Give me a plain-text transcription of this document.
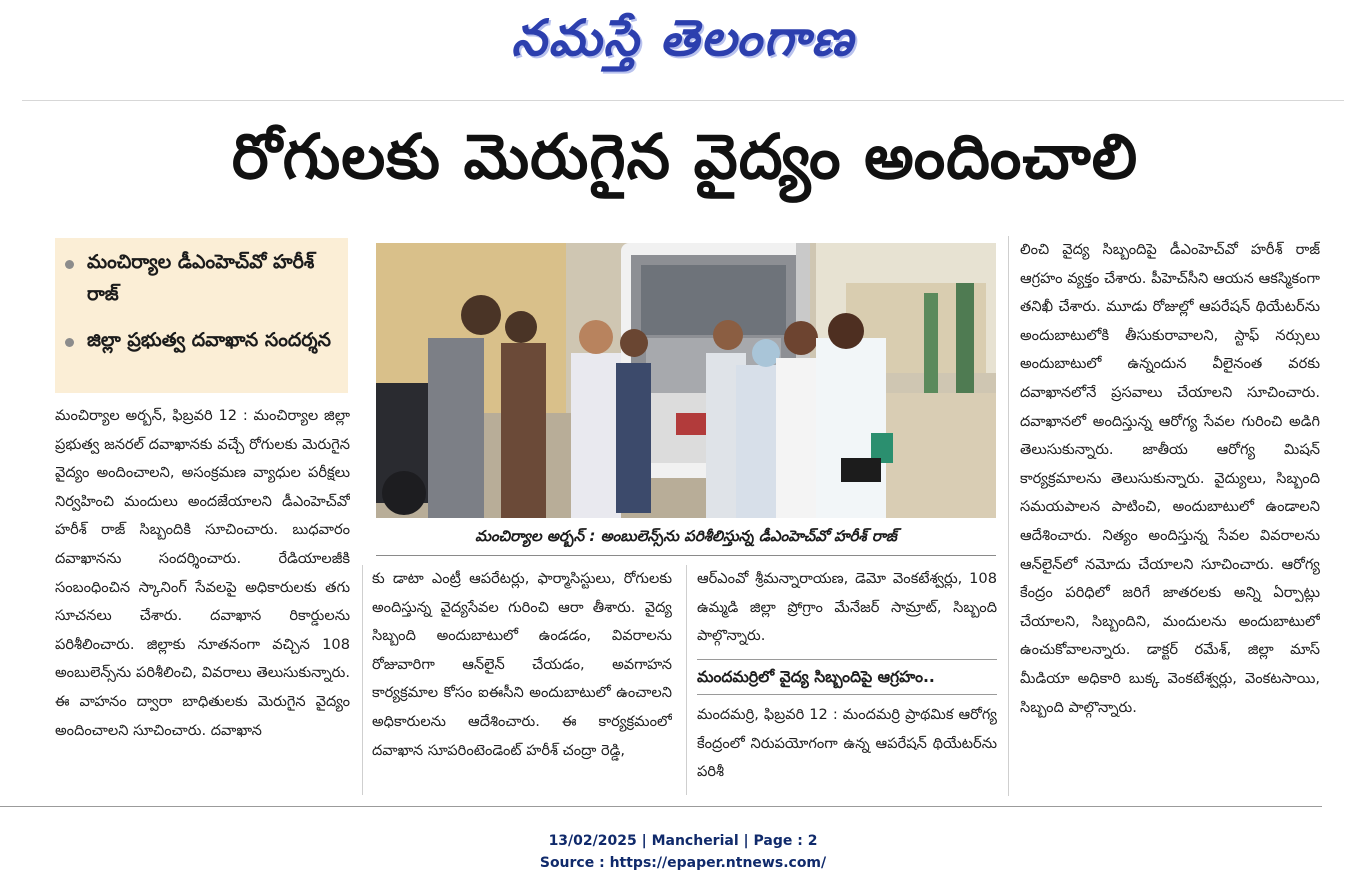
నమస్తే తెలంగాణ
రోగులకు మెరుగైన వైద్యం అందించాలి
మంచిర్యాల డీఎంహెచ్‌వో హరీశ్ రాజ్
జిల్లా ప్రభుత్వ దవాఖాన సందర్శన
మంచిర్యాల అర్బన్, ఫిబ్రవరి 12 : మంచిర్యాల జిల్లా ప్రభుత్వ జనరల్ దవాఖానకు వచ్చే రోగులకు మెరుగైన వైద్యం అందించాలని, అసంక్రమణ వ్యాధుల పరీక్షలు నిర్వహించి మందులు అందజేయాలని డీఎంహెచ్‌వో హరీశ్ రాజ్ సిబ్బందికి సూచించారు. బుధవారం దవాఖానను సందర్శించారు. రేడియాలజీకి సంబంధించిన స్కానింగ్ సేవలపై అధికారులకు తగు సూచనలు చేశారు. దవాఖాన రికార్డులను పరిశీలించారు. జిల్లాకు నూతనంగా వచ్చిన 108 అంబులెన్స్‌ను పరిశీలించి, వివరాలు తెలుసుకున్నారు. ఈ వాహనం ద్వారా బాధితులకు మెరుగైన వైద్యం అందించాలని సూచించారు. దవాఖాన
మంచిర్యాల అర్బన్ : అంబులెన్స్‌ను పరిశీలిస్తున్న డీఎంహెచ్‌వో హరీశ్ రాజ్
కు డాటా ఎంట్రీ ఆపరేటర్లు, ఫార్మాసిస్టులు, రోగులకు అందిస్తున్న వైద్యసేవల గురించి ఆరా తీశారు. వైద్య సిబ్బంది అందుబాటులో ఉండడం, వివరాలను రోజువారిగా ఆన్‌లైన్ చేయడం, అవగాహన కార్యక్రమాల కోసం ఐఈసీని అందుబాటులో ఉంచాలని అధికారులను ఆదేశించారు. ఈ కార్యక్రమంలో దవాఖాన సూపరింటెండెంట్ హరీశ్ చంద్రా రెడ్డి,
ఆర్‌ఎంవో శ్రీమన్నారాయణ, డెమో వెంకటేశ్వర్లు, 108 ఉమ్మడి జిల్లా ప్రోగ్రాం మేనేజర్ సామ్రాట్, సిబ్బంది పాల్గొన్నారు.
మందమర్రిలో వైద్య సిబ్బందిపై ఆగ్రహం..
మందమర్రి, ఫిబ్రవరి 12 : మందమర్రి ప్రాథమిక ఆరోగ్య కేంద్రంలో నిరుపయోగంగా ఉన్న ఆపరేషన్ థియేటర్‌ను పరిశీ
లించి వైద్య సిబ్బందిపై డీఎంహెచ్‌వో హరీశ్ రాజ్ ఆగ్రహం వ్యక్తం చేశారు. పీహెచ్‌సీని ఆయన ఆకస్మికంగా తనిఖీ చేశారు. మూడు రోజుల్లో ఆపరేషన్ థియేటర్‌ను అందుబాటులోకి తీసుకురావాలని, స్టాఫ్ నర్సులు అందుబాటులో ఉన్నందున వీలైనంత వరకు దవాఖానలోనే ప్రసవాలు చేయాలని సూచించారు. దవాఖానలో అందిస్తున్న ఆరోగ్య సేవల గురించి అడిగి తెలుసుకున్నారు. జాతీయ ఆరోగ్య మిషన్ కార్యక్రమాలను తెలుసుకున్నారు. వైద్యులు, సిబ్బంది సమయపాలన పాటించి, అందుబాటులో ఉండాలని ఆదేశించారు. నిత్యం అందిస్తున్న సేవల వివరాలను ఆన్‌లైన్‌లో నమోదు చేయాలని సూచించారు. ఆరోగ్య కేంద్రం పరిధిలో జరిగే జాతరలకు అన్ని ఏర్పాట్లు చేయాలని, సిబ్బందిని, మందులను అందుబాటులో ఉంచుకోవాలన్నారు. డాక్టర్ రమేశ్, జిల్లా మాస్ మీడియా అధికారి బుక్క వెంకటేశ్వర్లు, వెంకటసాయి, సిబ్బంది పాల్గొన్నారు.
13/02/2025 | Mancherial | Page : 2
Source : https://epaper.ntnews.com/
